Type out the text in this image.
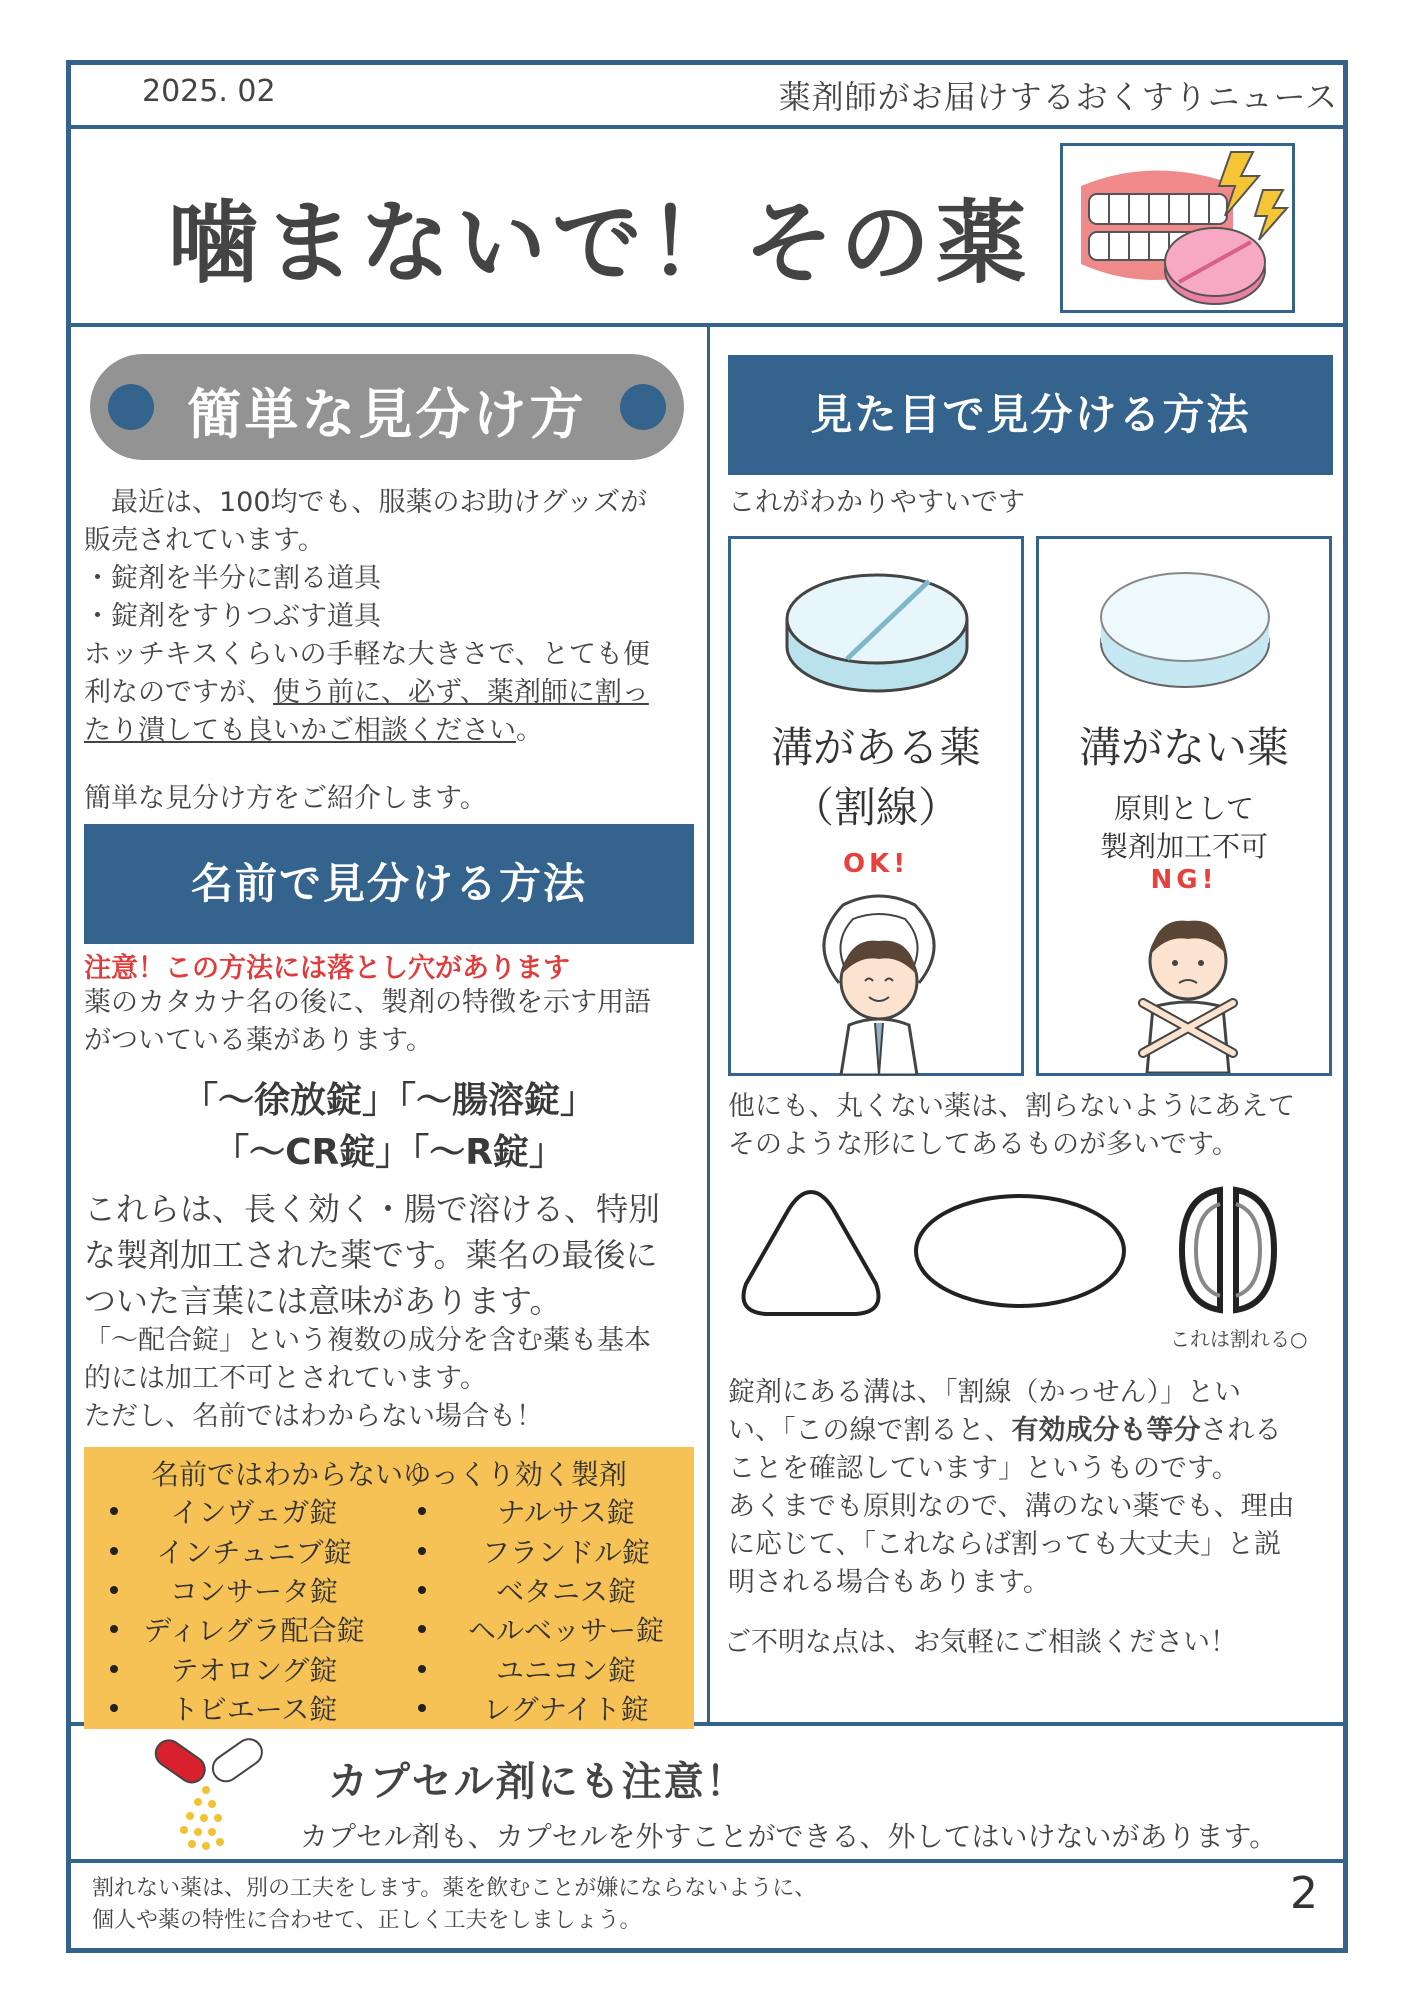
2025. 02	薬剤師がお届けするおくすりニュース
噛まないで！その薬
簡単な見分け方
　最近は、100均でも、服薬のお助けグッズが
販売されています。
・錠剤を半分に割る道具
・錠剤をすりつぶす道具
ホッチキスくらいの手軽な大きさで、とても便
利なのですが、使う前に、必ず、薬剤師に割っ
たり潰しても良いかご相談ください。
簡単な見分け方をご紹介します。
名前で見分ける方法
注意！この方法には落とし穴があります
薬のカタカナ名の後に、製剤の特徴を示す用語
がついている薬があります。
「～徐放錠」「～腸溶錠」
「～CR錠」「～R錠」
これらは、長く効く・腸で溶ける、特別
な製剤加工された薬です。薬名の最後に
ついた言葉には意味があります。
「～配合錠」という複数の成分を含む薬も基本
的には加工不可とされています。
ただし、名前ではわからない場合も！
名前ではわからないゆっくり効く製剤
インヴェガ錠
インチュニブ錠
コンサータ錠
ディレグラ配合錠
テオロング錠
トビエース錠
ナルサス錠
フランドル錠
ベタニス錠
ヘルベッサー錠
ユニコン錠
レグナイト錠
見た目で見分ける方法
これがわかりやすいです
溝がある薬
（割線）
OK!
溝がない薬
原則として
製剤加工不可
NG!
他にも、丸くない薬は、割らないようにあえて
そのような形にしてあるものが多いです。
これは割れる○
錠剤にある溝は、「割線（かっせん）」とい
い、「この線で割ると、有効成分も等分される
ことを確認しています」というものです。
あくまでも原則なので、溝のない薬でも、理由
に応じて、「これならば割っても大丈夫」と説
明される場合もあります。
ご不明な点は、お気軽にご相談ください！
カプセル剤にも注意！
カプセル剤も、カプセルを外すことができる、外してはいけないがあります。
割れない薬は、別の工夫をします。薬を飲むことが嫌にならないように、
個人や薬の特性に合わせて、正しく工夫をしましょう。
2
